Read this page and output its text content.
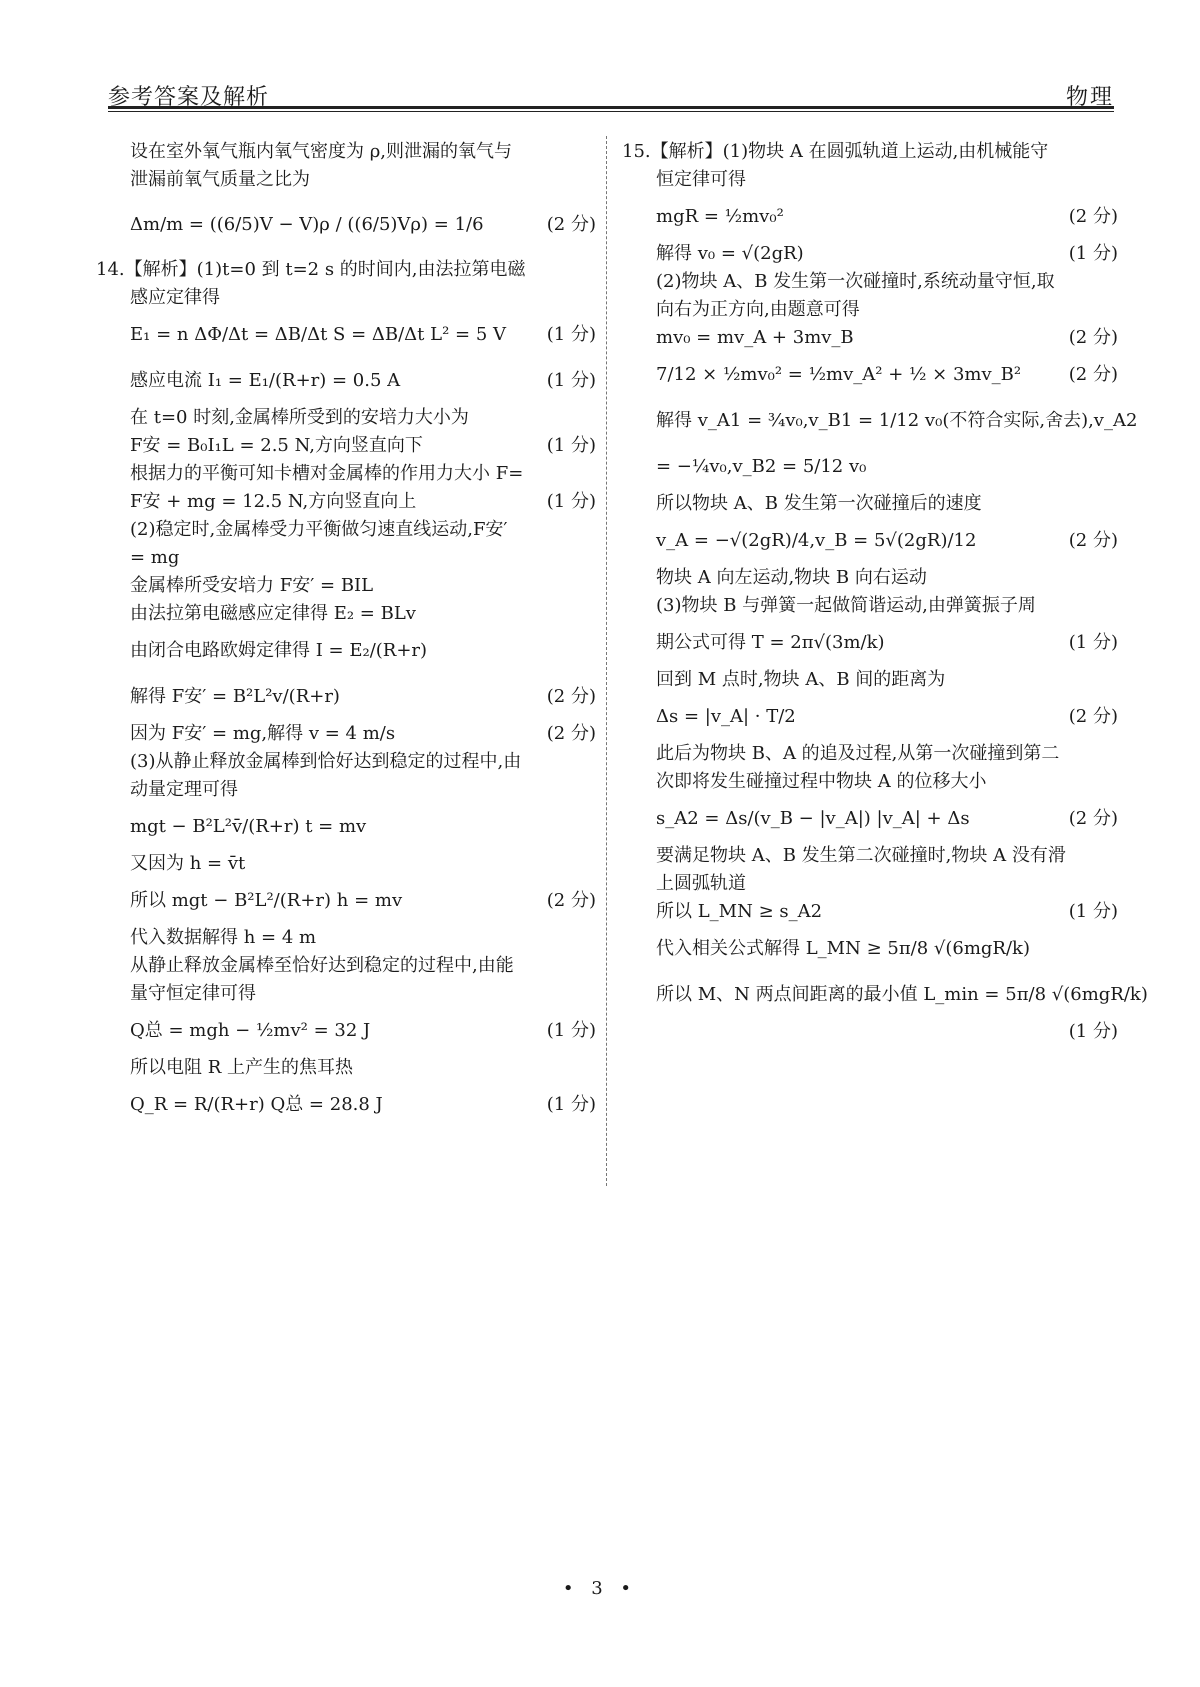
参考答案及解析	物理
设在室外氧气瓶内氧气密度为 ρ,则泄漏的氧气与
泄漏前氧气质量之比为
Δm/m = ((6/5)V − V)ρ / ((6/5)Vρ) = 1/6	(2 分)
14.【解析】(1)t=0 到 t=2 s 的时间内,由法拉第电磁
感应定律得
E₁ = n ΔΦ/Δt = ΔB/Δt S = ΔB/Δt L² = 5 V (1 分)
感应电流 I₁ = E₁/(R+r) = 0.5 A	(1 分)
在 t=0 时刻,金属棒所受到的安培力大小为
F安 = B₀I₁L = 2.5 N,方向竖直向下	(1 分)
根据力的平衡可知卡槽对金属棒的作用力大小 F=
F安 + mg = 12.5 N,方向竖直向上	(1 分)
(2)稳定时,金属棒受力平衡做匀速直线运动,F安′
= mg
金属棒所受安培力 F安′ = BIL
由法拉第电磁感应定律得 E₂ = BLv
由闭合电路欧姆定律得 I = E₂/(R+r)
解得 F安′ = B²L²v/(R+r)	(2 分)
因为 F安′ = mg,解得 v = 4 m/s	(2 分)
(3)从静止释放金属棒到恰好达到稳定的过程中,由
动量定理可得
mgt − B²L²v̄/(R+r) t = mv
又因为 h = v̄t
所以 mgt − B²L²/(R+r) h = mv	(2 分)
代入数据解得 h = 4 m
从静止释放金属棒至恰好达到稳定的过程中,由能
量守恒定律可得
Q总 = mgh − ½mv² = 32 J	(1 分)
所以电阻 R 上产生的焦耳热
Q_R = R/(R+r) Q总 = 28.8 J	(1 分)
15.【解析】(1)物块 A 在圆弧轨道上运动,由机械能守
恒定律可得
mgR = ½mv₀²	(2 分)
解得 v₀ = √(2gR)	(1 分)
(2)物块 A、B 发生第一次碰撞时,系统动量守恒,取
向右为正方向,由题意可得
mv₀ = mv_A + 3mv_B	(2 分)
7/12 × ½mv₀² = ½mv_A² + ½ × 3mv_B²	(2 分)
解得 v_A1 = ¾v₀,v_B1 = 1/12 v₀(不符合实际,舍去),v_A2
= −¼v₀,v_B2 = 5/12 v₀
所以物块 A、B 发生第一次碰撞后的速度
v_A = −√(2gR)/4,v_B = 5√(2gR)/12	(2 分)
物块 A 向左运动,物块 B 向右运动
(3)物块 B 与弹簧一起做简谐运动,由弹簧振子周
期公式可得 T = 2π√(3m/k)	(1 分)
回到 M 点时,物块 A、B 间的距离为
Δs = |v_A| · T/2	(2 分)
此后为物块 B、A 的追及过程,从第一次碰撞到第二
次即将发生碰撞过程中物块 A 的位移大小
s_A2 = Δs/(v_B − |v_A|) |v_A| + Δs	(2 分)
要满足物块 A、B 发生第二次碰撞时,物块 A 没有滑
上圆弧轨道
所以 L_MN ≥ s_A2	(1 分)
代入相关公式解得 L_MN ≥ 5π/8 √(6mgR/k)
所以 M、N 两点间距离的最小值 L_min = 5π/8 √(6mgR/k)
(1 分)
• 3 •
